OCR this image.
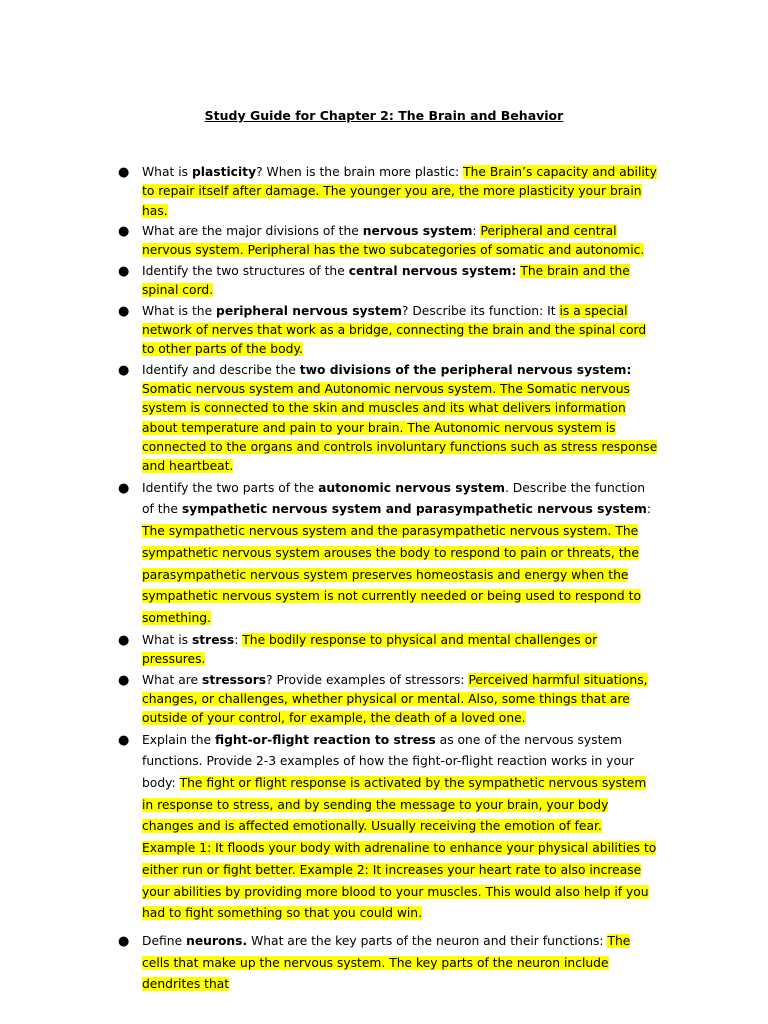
Study Guide for Chapter 2: The Brain and Behavior
● What is plasticity? When is the brain more plastic: The Brain’s capacity and ability to repair itself after damage. The younger you are, the more plasticity your brain has.
● What are the major divisions of the nervous system: Peripheral and central nervous system. Peripheral has the two subcategories of somatic and autonomic.
● Identify the two structures of the central nervous system: The brain and the spinal cord.
● What is the peripheral nervous system? Describe its function: It is a special network of nerves that work as a bridge, connecting the brain and the spinal cord to other parts of the body.
● Identify and describe the two divisions of the peripheral nervous system: Somatic nervous system and Autonomic nervous system. The Somatic nervous system is connected to the skin and muscles and its what delivers information about temperature and pain to your brain. The Autonomic nervous system is connected to the organs and controls involuntary functions such as stress response and heartbeat.
● Identify the two parts of the autonomic nervous system. Describe the function of the sympathetic nervous system and parasympathetic nervous system: The sympathetic nervous system and the parasympathetic nervous system. The sympathetic nervous system arouses the body to respond to pain or threats, the parasympathetic nervous system preserves homeostasis and energy when the sympathetic nervous system is not currently needed or being used to respond to something.
● What is stress: The bodily response to physical and mental challenges or pressures.
● What are stressors? Provide examples of stressors: Perceived harmful situations, changes, or challenges, whether physical or mental. Also, some things that are outside of your control, for example, the death of a loved one.
● Explain the fight-or-flight reaction to stress as one of the nervous system functions. Provide 2-3 examples of how the fight-or-flight reaction works in your body: The fight or flight response is activated by the sympathetic nervous system in response to stress, and by sending the message to your brain, your body changes and is affected emotionally. Usually receiving the emotion of fear. Example 1: It floods your body with adrenaline to enhance your physical abilities to either run or fight better. Example 2: It increases your heart rate to also increase your abilities by providing more blood to your muscles. This would also help if you had to fight something so that you could win.
● Define neurons. What are the key parts of the neuron and their functions: The cells that make up the nervous system. The key parts of the neuron include dendrites that
